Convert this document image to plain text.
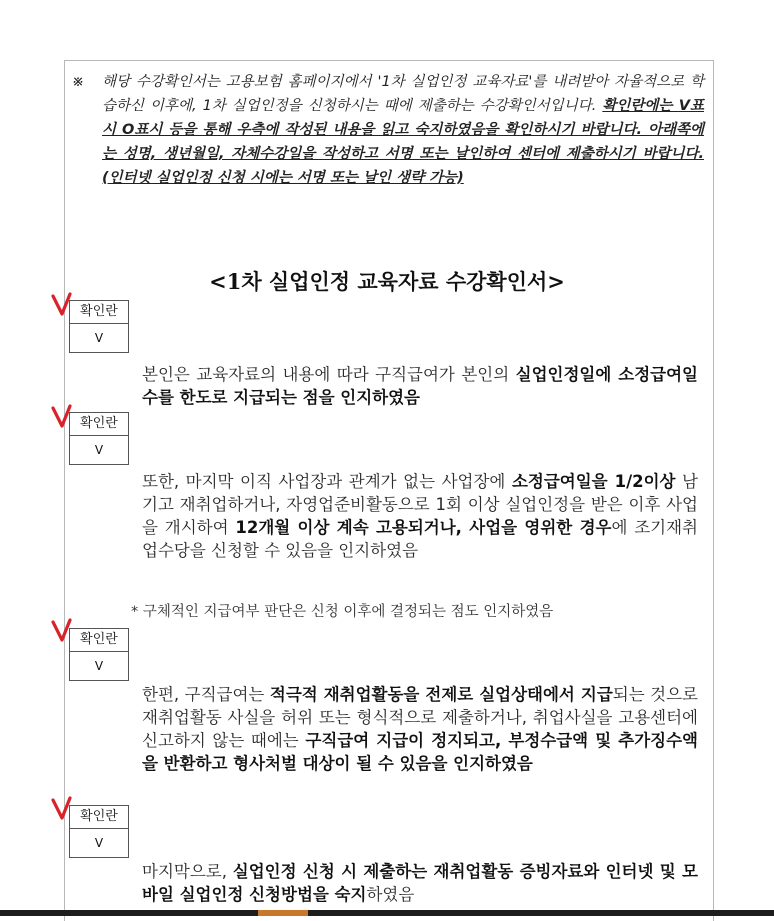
※ 해당 수강확인서는 고용보험 홈페이지에서 '1차 실업인정 교육자료'를 내려받아 자율적으로 학습하신 이후에, 1차 실업인정을 신청하시는 때에 제출하는 수강확인서입니다. 확인란에는 V표시 O표시 등을 통해 우측에 작성된 내용을 읽고 숙지하였음을 확인하시기 바랍니다. 아래쪽에는 성명, 생년월일, 자체수강일을 작성하고 서명 또는 날인하여 센터에 제출하시기 바랍니다.(인터넷 실업인정 신청 시에는 서명 또는 날인 생략 가능)
<1차 실업인정 교육자료 수강확인서>
확인란
V
본인은 교육자료의 내용에 따라 구직급여가 본인의 실업인정일에 소정급여일수를 한도로 지급되는 점을 인지하였음
확인란
V
또한, 마지막 이직 사업장과 관계가 없는 사업장에 소정급여일을 1/2이상 남기고 재취업하거나, 자영업준비활동으로 1회 이상 실업인정을 받은 이후 사업을 개시하여 12개월 이상 계속 고용되거나, 사업을 영위한 경우에 조기재취업수당을 신청할 수 있음을 인지하였음
* 구체적인 지급여부 판단은 신청 이후에 결정되는 점도 인지하였음
확인란
V
한편, 구직급여는 적극적 재취업활동을 전제로 실업상태에서 지급되는 것으로 재취업활동 사실을 허위 또는 형식적으로 제출하거나, 취업사실을 고용센터에 신고하지 않는 때에는 구직급여 지급이 정지되고, 부정수급액 및 추가징수액을 반환하고 형사처벌 대상이 될 수 있음을 인지하였음
확인란
V
마지막으로, 실업인정 신청 시 제출하는 재취업활동 증빙자료와 인터넷 및 모바일 실업인정 신청방법을 숙지하였음
